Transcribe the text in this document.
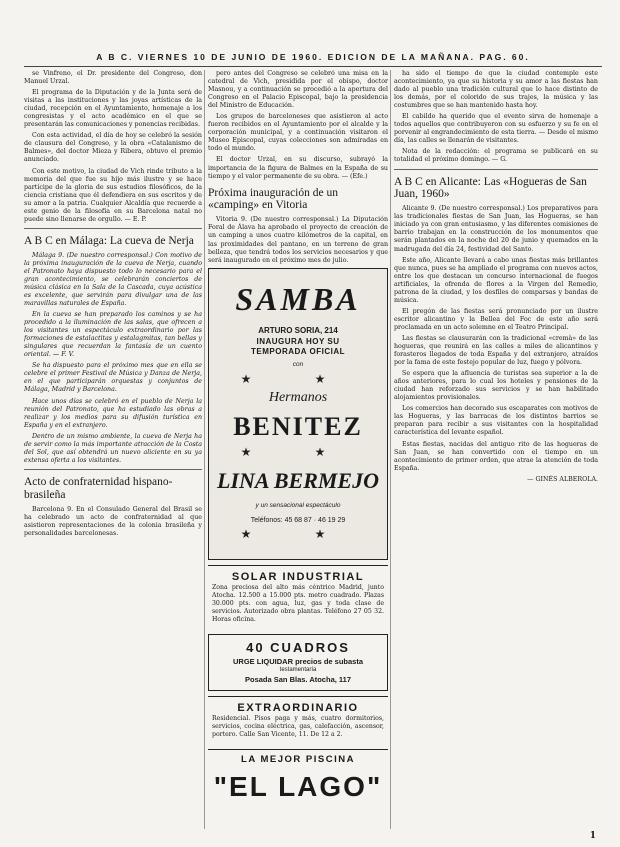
A B C. VIERNES 10 DE JUNIO DE 1960. EDICION DE LA MAÑANA. PAG. 60.

se Vinfreno, el Dr. presidente del Congreso, don Manuel Urzal.

El programa de la Diputación y de la Junta será de visitas a las instituciones y las joyas artísticas de la ciudad, recepción en el Ayuntamiento, homenaje a los congresistas y el acto académico en el que se presentarán las comunicaciones y ponencias recibidas.

Con esta actividad, el día de hoy se celebró la sesión de clausura del Congreso, y la obra «Catalanismo de Balmes», del doctor Mieza y Ribera, obtuvo el premio anunciado.

Con este motivo, la ciudad de Vich rinde tributo a la memoria del que fue su hijo más ilustre y se hace partícipe de la gloria de sus estudios filosóficos, de la ciencia cristiana que él defendiera en sus escritos y de su amor a la patria. Cualquier Alcaldía que recuerde a este genio de la filosofía en su Barcelona natal no puede sino llenarse de orgullo. — E. P.

A B C en Málaga: La cueva de Nerja

Málaga 9. (De nuestro corresponsal.) Con motivo de la próxima inauguración de la cueva de Nerja, cuando el Patronato haya dispuesto todo lo necesario para el gran acontecimiento, se celebrarán conciertos de música clásica en la Sala de la Cascada, cuya acústica es excelente, que servirán para divulgar una de las maravillas naturales de España.

En la cueva se han preparado los caminos y se ha procedido a la iluminación de las salas, que ofrecen a los visitantes un espectáculo extraordinario por las formaciones de estalactitas y estalagmitas, tan bellas y singulares que recuerdan la fantasía de un cuento oriental. — F. V.

Se ha dispuesto para el próximo mes que en ella se celebre el primer Festival de Música y Danza de Nerja, en el que participarán orquestas y conjuntos de Málaga, Madrid y Barcelona.

Hace unos días se celebró en el pueblo de Nerja la reunión del Patronato, que ha estudiado las obras a realizar y los medios para su difusión turística en España y en el extranjero.

Dentro de un mismo ambiente, la cueva de Nerja ha de servir como la más importante atracción de la Costa del Sol, que así obtendrá un nuevo aliciente en su ya extensa oferta a los visitantes.

Acto de confraternidad hispano-brasileña

Barcelona 9. En el Consulado General del Brasil se ha celebrado un acto de confraternidad al que asistieron representaciones de la colonia brasileña y personalidades barcelonesas.

pero antes del Congreso se celebró una misa en la catedral de Vich, presidida por el obispo, doctor Masnou, y a continuación se procedió a la apertura del Congreso en el Palacio Episcopal, bajo la presidencia del Ministro de Educación.

Los grupos de barceloneses que asistieron al acto fueron recibidos en el Ayuntamiento por el alcalde y la corporación municipal, y a continuación visitaron el Museo Episcopal, cuyas colecciones son admiradas en todo el mundo.

El doctor Urzal, en su discurso, subrayó la importancia de la figura de Balmes en la España de su tiempo y el valor permanente de su obra. — (Efe.)

Próxima inauguración de un «camping» en Vitoria

Vitoria 9. (De nuestro corresponsal.) La Diputación Foral de Álava ha aprobado el proyecto de creación de un camping a unos cuatro kilómetros de la capital, en las proximidades del pantano, en un terreno de gran belleza, que tendrá todos los servicios necesarios y que será inaugurado en el próximo mes de julio.

SAMBA
ARTURO SORIA, 214
INAUGURA HOY SU
TEMPORADA OFICIAL
con
★ ★
Hermanos
BENITEZ
★ ★
LINA BERMEJO
y un sensacional espectáculo
Teléfonos: 45 68 87 · 46 19 29
★ ★
SOLAR INDUSTRIAL
Zona preciosa del alto más céntrico Madrid, junto Atocha. 12.500 a 15.000 pts. metro cuadrado. Plazas 30.000 pts. con agua, luz, gas y toda clase de servicios. Autorizado obra plantas. Teléfono 27 05 32. Horas oficina.
40 CUADROS
URGE LIQUIDAR precios de subasta
testamentaría
Posada San Blas. Atocha, 117
EXTRAORDINARIO
Residencial. Pisos paga y más, cuatro dormitorios, servicios, cocina eléctrica, gas, calefacción, ascensor, portero. Calle San Vicente, 11. De 12 a 2.
LA MEJOR PISCINA
"EL LAGO"

ha sido el tiempo de que la ciudad contemple este acontecimiento, ya que su historia y su amor a las fiestas han dado al pueblo una tradición cultural que lo hace distinto de los demás, por el colorido de sus trajes, la música y las costumbres que se han mantenido hasta hoy.

El cabildo ha querido que el evento sirva de homenaje a todos aquellos que contribuyeron con su esfuerzo y su fe en el porvenir al engrandecimiento de esta tierra. — Desde el mismo día, las calles se llenarán de visitantes.

Nota de la redacción: el programa se publicará en su totalidad el próximo domingo. — G.

A B C en Alicante: Las «Hogueras de San Juan, 1960»

Alicante 9. (De nuestro corresponsal.) Los preparativos para las tradicionales fiestas de San Juan, las Hogueras, se han iniciado ya con gran entusiasmo, y las diferentes comisiones de barrio trabajan en la construcción de los monumentos que serán plantados en la noche del 20 de junio y quemados en la madrugada del día 24, festividad del Santo.

Este año, Alicante llevará a cabo unas fiestas más brillantes que nunca, pues se ha ampliado el programa con nuevos actos, entre los que destacan un concurso internacional de fuegos artificiales, la ofrenda de flores a la Virgen del Remedio, patrona de la ciudad, y los desfiles de comparsas y bandas de música.

El pregón de las fiestas será pronunciado por un ilustre escritor alicantino y la Bellea del Foc de este año será proclamada en un acto solemne en el Teatro Principal.

Las fiestas se clausurarán con la tradicional «cremà» de las hogueras, que reunirá en las calles a miles de alicantinos y forasteros llegados de toda España y del extranjero, atraídos por la fama de este festejo popular de luz, fuego y pólvora.

Se espera que la afluencia de turistas sea superior a la de años anteriores, para lo cual los hoteles y pensiones de la ciudad han reforzado sus servicios y se han habilitado alojamientos provisionales.

Los comercios han decorado sus escaparates con motivos de las Hogueras, y las barracas de los distintos barrios se preparan para recibir a sus visitantes con la hospitalidad característica del levante español.

Estas fiestas, nacidas del antiguo rito de las hogueras de San Juan, se han convertido con el tiempo en un acontecimiento de primer orden, que atrae la atención de toda España.

— GINÉS ALBEROLA.
1
